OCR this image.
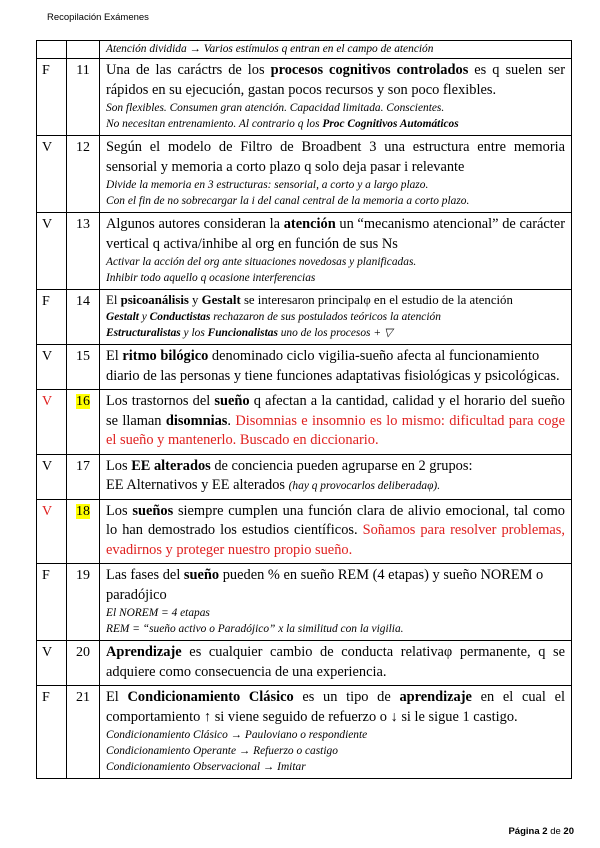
Recopilación Exámenes

		Atención dividida → Varios estímulos q entran en el campo de atención

F	11	Una de las caráctrs de los procesos cognitivos controlados es q suelen ser rápidos en su ejecución, gastan pocos recursos y son poco flexibles.
Son flexibles. Consumen gran atención. Capacidad limitada. Conscientes.
No necesitan entrenamiento. Al contrario q los Proc Cognitivos Automáticos

V	12	Según el modelo de Filtro de Broadbent 3 una estructura entre memoria sensorial y memoria a corto plazo q solo deja pasar i relevante
Divide la memoria en 3 estructuras: sensorial, a corto y a largo plazo.
Con el fin de no sobrecargar la i del canal central de la memoria a corto plazo.

V	13	Algunos autores consideran la atención un “mecanismo atencional” de carácter vertical q activa/inhibe al org en función de sus Ns
Activar la acción del org ante situaciones novedosas y planificadas.
Inhibir todo aquello q ocasione interferencias

F	14	El psicoanálisis y Gestalt se interesaron principalφ en el estudio de la atención
Gestalt y Conductistas rechazaron de sus postulados teóricos la atención
Estructuralistas y los Funcionalistas uno de los procesos + ▽

V	15	El ritmo bilógico denominado ciclo vigilia-sueño afecta al funcionamiento diario de las personas y tiene funciones adaptativas fisiológicas y psicológicas.

V	16	Los trastornos del sueño q afectan a la cantidad, calidad y el horario del sueño se llaman disomnias. Disomnias e insomnio es lo mismo: dificultad para coge el sueño y mantenerlo. Buscado en diccionario.

V	17	Los EE alterados de conciencia pueden agruparse en 2 grupos:
EE Alternativos y EE alterados (hay q provocarlos deliberadaφ).

V	18	Los sueños siempre cumplen una función clara de alivio emocional, tal como lo han demostrado los estudios científicos. Soñamos para resolver problemas, evadirnos y proteger nuestro propio sueño.

F	19	Las fases del sueño pueden % en sueño REM (4 etapas) y sueño NOREM o paradójico
El NOREM = 4 etapas
REM = “sueño activo o Paradójico” x la similitud con la vigilia.

V	20	Aprendizaje es cualquier cambio de conducta relativaφ permanente, q se adquiere como consecuencia de una experiencia.

F	21	El Condicionamiento Clásico es un tipo de aprendizaje en el cual el comportamiento ↑ si viene seguido de refuerzo o ↓ si le sigue 1 castigo.
Condicionamiento Clásico → Pauloviano o respondiente
Condicionamiento Operante → Refuerzo o castigo
Condicionamiento Observacional → Imitar
Página 2 de 20
